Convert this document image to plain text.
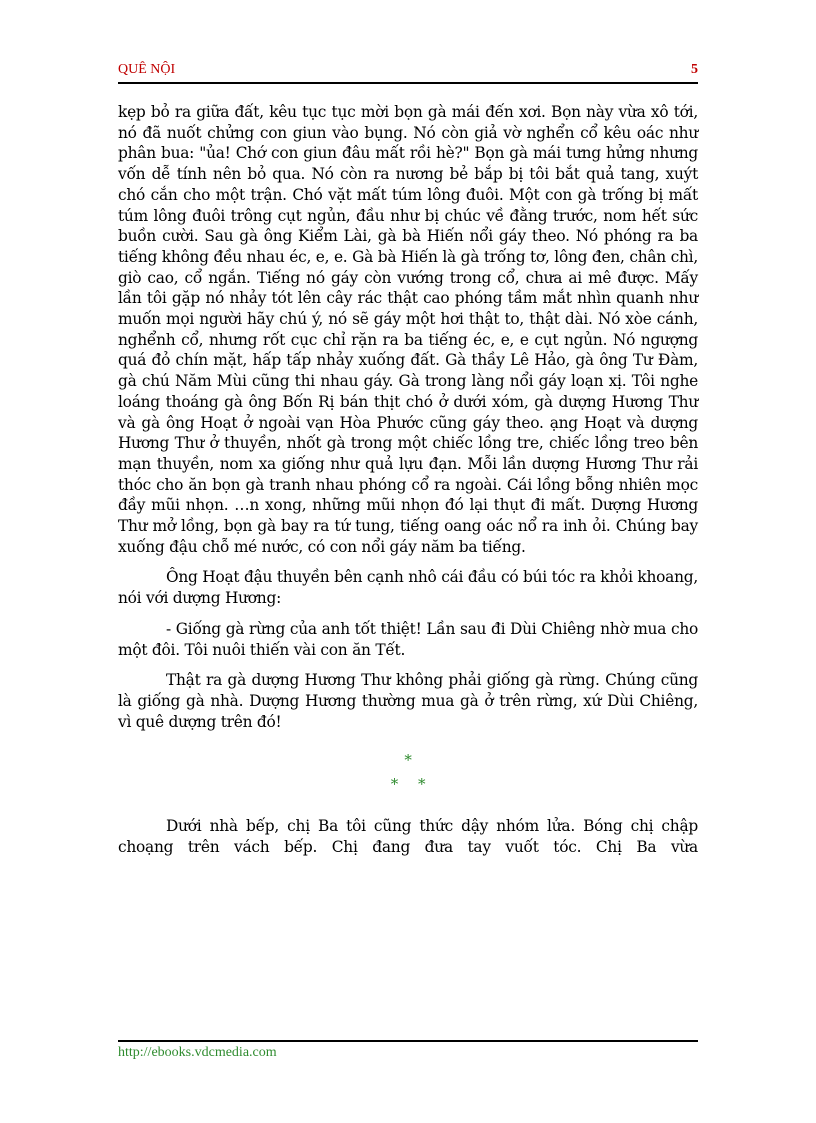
QUÊ NỘI	5

kẹp bỏ ra giữa đất, kêu tục tục mời bọn gà mái đến xơi. Bọn này vừa xô tới, nó đã nuốt chửng con giun vào bụng. Nó còn giả vờ nghển cổ kêu oác như phân bua: "ủa! Chớ con giun đâu mất rồi hè?" Bọn gà mái tưng hửng nhưng vốn dễ tính nên bỏ qua. Nó còn ra nương bẻ bắp bị tôi bắt quả tang, xuýt chó cắn cho một trận. Chó vặt mất túm lông đuôi. Một con gà trống bị mất túm lông đuôi trông cụt ngủn, đầu như bị chúc về đằng trước, nom hết sức buồn cười. Sau gà ông Kiểm Lài, gà bà Hiến nổi gáy theo. Nó phóng ra ba tiếng không đều nhau éc, e, e. Gà bà Hiến là gà trống tơ, lông đen, chân chì, giò cao, cổ ngắn. Tiếng nó gáy còn vướng trong cổ, chưa ai mê được. Mấy lần tôi gặp nó nhảy tót lên cây rác thật cao phóng tầm mắt nhìn quanh như muốn mọi người hãy chú ý, nó sẽ gáy một hơi thật to, thật dài. Nó xòe cánh, nghểnh cổ, nhưng rốt cục chỉ rặn ra ba tiếng éc, e, e cụt ngủn. Nó ngượng quá đỏ chín mặt, hấp tấp nhảy xuống đất. Gà thầy Lê Hảo, gà ông Tư Đàm, gà chú Năm Mùi cũng thi nhau gáy. Gà trong làng nổi gáy loạn xị. Tôi nghe loáng thoáng gà ông Bốn Rị bán thịt chó ở dưới xóm, gà dượng Hương Thư và gà ông Hoạt ở ngoài vạn Hòa Phước cũng gáy theo. ạng Hoạt và dượng Hương Thư ở thuyền, nhốt gà trong một chiếc lồng tre, chiếc lồng treo bên mạn thuyền, nom xa giống như quả lựu đạn. Mỗi lần dượng Hương Thư rải thóc cho ăn bọn gà tranh nhau phóng cổ ra ngoài. Cái lồng bỗng nhiên mọc đầy mũi nhọn. …n xong, những mũi nhọn đó lại thụt đi mất. Dượng Hương Thư mở lồng, bọn gà bay ra tứ tung, tiếng oang oác nổ ra inh ỏi. Chúng bay xuống đậu chỗ mé nước, có con nổi gáy năm ba tiếng.

Ông Hoạt đậu thuyền bên cạnh nhô cái đầu có búi tóc ra khỏi khoang, nói với dượng Hương:

- Giống gà rừng của anh tốt thiệt! Lần sau đi Dùi Chiêng nhờ mua cho một đôi. Tôi nuôi thiến vài con ăn Tết.

Thật ra gà dượng Hương Thư không phải giống gà rừng. Chúng cũng là giống gà nhà. Dượng Hương thường mua gà ở trên rừng, xứ Dùi Chiêng, vì quê dượng trên đó!

*
* *

Dưới nhà bếp, chị Ba tôi cũng thức dậy nhóm lửa. Bóng chị chập choạng trên vách bếp. Chị đang đưa tay vuốt tóc. Chị Ba vừa

http://ebooks.vdcmedia.com
